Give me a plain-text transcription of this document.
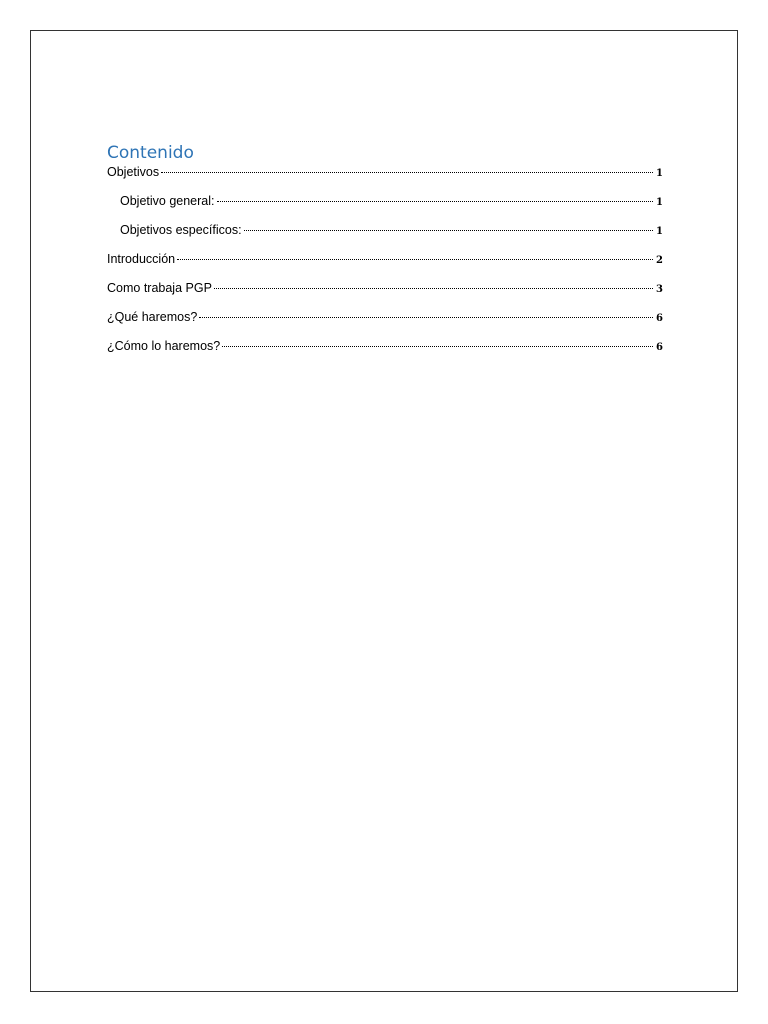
Contenido
Objetivos	1
Objetivo general:	1
Objetivos específicos:	1
Introducción	2
Como trabaja PGP	3
¿Qué haremos?	6
¿Cómo lo haremos?	6
